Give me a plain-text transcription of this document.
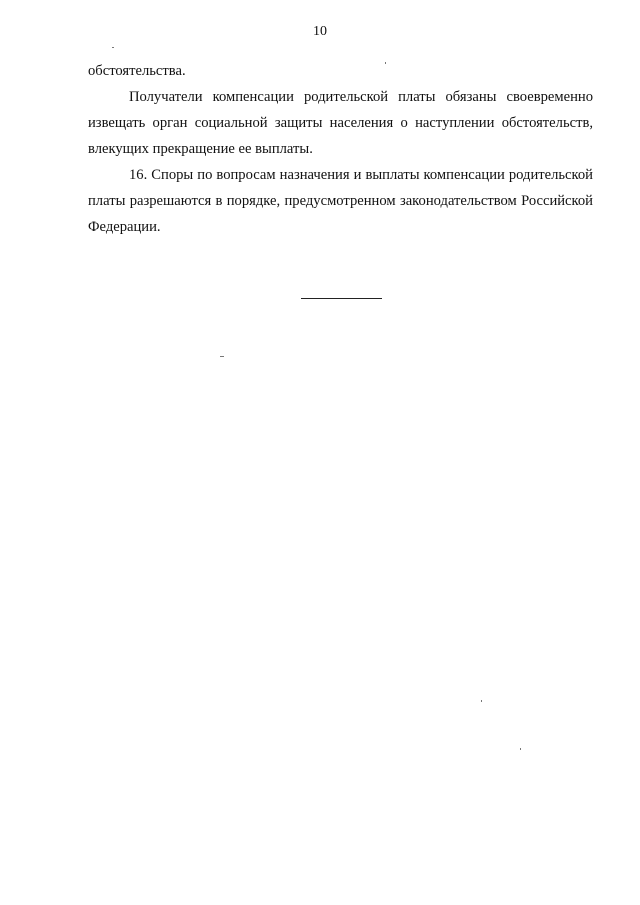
10

обстоятельства.

Получатели компенсации родительской платы обязаны своевременно извещать орган социальной защиты населения о наступлении обстоятельств, влекущих прекращение ее выплаты.

16. Споры по вопросам назначения и выплаты компенсации родительской платы разрешаются в порядке, предусмотренном законодательством Российской Федерации.
